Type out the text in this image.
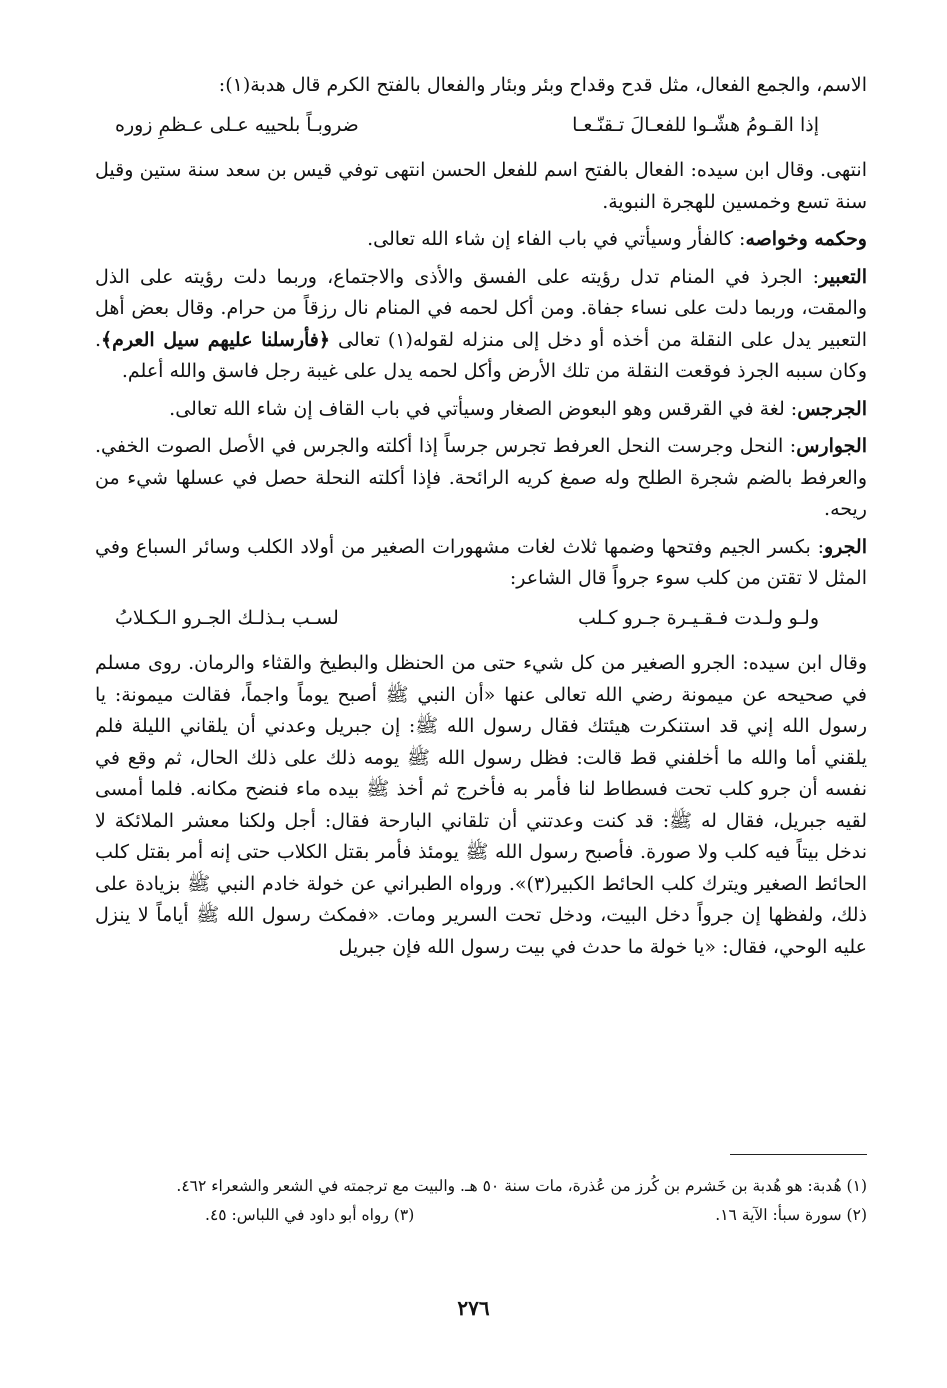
الاسم، والجمع الفعال، مثل قدح وقداح وبئر وبئار والفعال بالفتح الكرم قال هدبة(١):

إذا القـومُ هشّـوا للفعـالَ تـقنّـعـا
ضروبـاً بلحييه عـلى عـظمِ زوره

انتهى. وقال ابن سيده: الفعال بالفتح اسم للفعل الحسن انتهى توفي قيس بن سعد سنة ستين وقيل سنة تسع وخمسين للهجرة النبوية.

وحكمه وخواصه: كالفأر وسيأتي في باب الفاء إن شاء الله تعالى.

التعبير: الجرذ في المنام تدل رؤيته على الفسق والأذى والاجتماع، وربما دلت رؤيته على الذل والمقت، وربما دلت على نساء جفاة. ومن أكل لحمه في المنام نال رزقاً من حرام. وقال بعض أهل التعبير يدل على النقلة من أخذه أو دخل إلى منزله لقوله(١) تعالى ﴿فأرسلنا عليهم سيل العرم﴾. وكان سببه الجرذ فوقعت النقلة من تلك الأرض وأكل لحمه يدل على غيبة رجل فاسق والله أعلم.

الجرجس: لغة في القرقس وهو البعوض الصغار وسيأتي في باب القاف إن شاء الله تعالى.

الجوارس: النحل وجرست النحل العرفط تجرس جرساً إذا أكلته والجرس في الأصل الصوت الخفي. والعرفط بالضم شجرة الطلح وله صمغ كريه الرائحة. فإذا أكلته النحلة حصل في عسلها شيء من ريحه.

الجرو: بكسر الجيم وفتحها وضمها ثلاث لغات مشهورات الصغير من أولاد الكلب وسائر السباع وفي المثل لا تقتن من كلب سوء جرواً قال الشاعر:

ولـو ولـدت فـقـيـرة جـرو كـلب
لسـب بـذلـك الجـرو الـكـلابُ

وقال ابن سيده: الجرو الصغير من كل شيء حتى من الحنظل والبطيخ والقثاء والرمان. روى مسلم في صحيحه عن ميمونة رضي الله تعالى عنها «أن النبي ﷺ أصبح يوماً واجماً، فقالت ميمونة: يا رسول الله إني قد استنكرت هيئتك فقال رسول الله ﷺ: إن جبريل وعدني أن يلقاني الليلة فلم يلقني أما والله ما أخلفني قط قالت: فظل رسول الله ﷺ يومه ذلك على ذلك الحال، ثم وقع في نفسه أن جرو كلب تحت فسطاط لنا فأمر به فأخرج ثم أخذ ﷺ بيده ماء فنضح مكانه. فلما أمسى لقيه جبريل، فقال له ﷺ: قد كنت وعدتني أن تلقاني البارحة فقال: أجل ولكنا معشر الملائكة لا ندخل بيتاً فيه كلب ولا صورة. فأصبح رسول الله ﷺ يومئذ فأمر بقتل الكلاب حتى إنه أمر بقتل كلب الحائط الصغير ويترك كلب الحائط الكبير(٣)». ورواه الطبراني عن خولة خادم النبي ﷺ بزيادة على ذلك، ولفظها إن جرواً دخل البيت، ودخل تحت السرير ومات. «فمكث رسول الله ﷺ أياماً لا ينزل عليه الوحي، فقال: «يا خولة ما حدث في بيت رسول الله فإن جبريل

(١) هُدبة: هو هُدبة بن خَشرم بن كُرز من عُذرة، مات سنة ٥٠ هـ. والبيت مع ترجمته في الشعر والشعراء ٤٦٢.
(٢) سورة سبأ: الآية ١٦.
(٣) رواه أبو داود في اللباس: ٤٥.
٢٧٦
